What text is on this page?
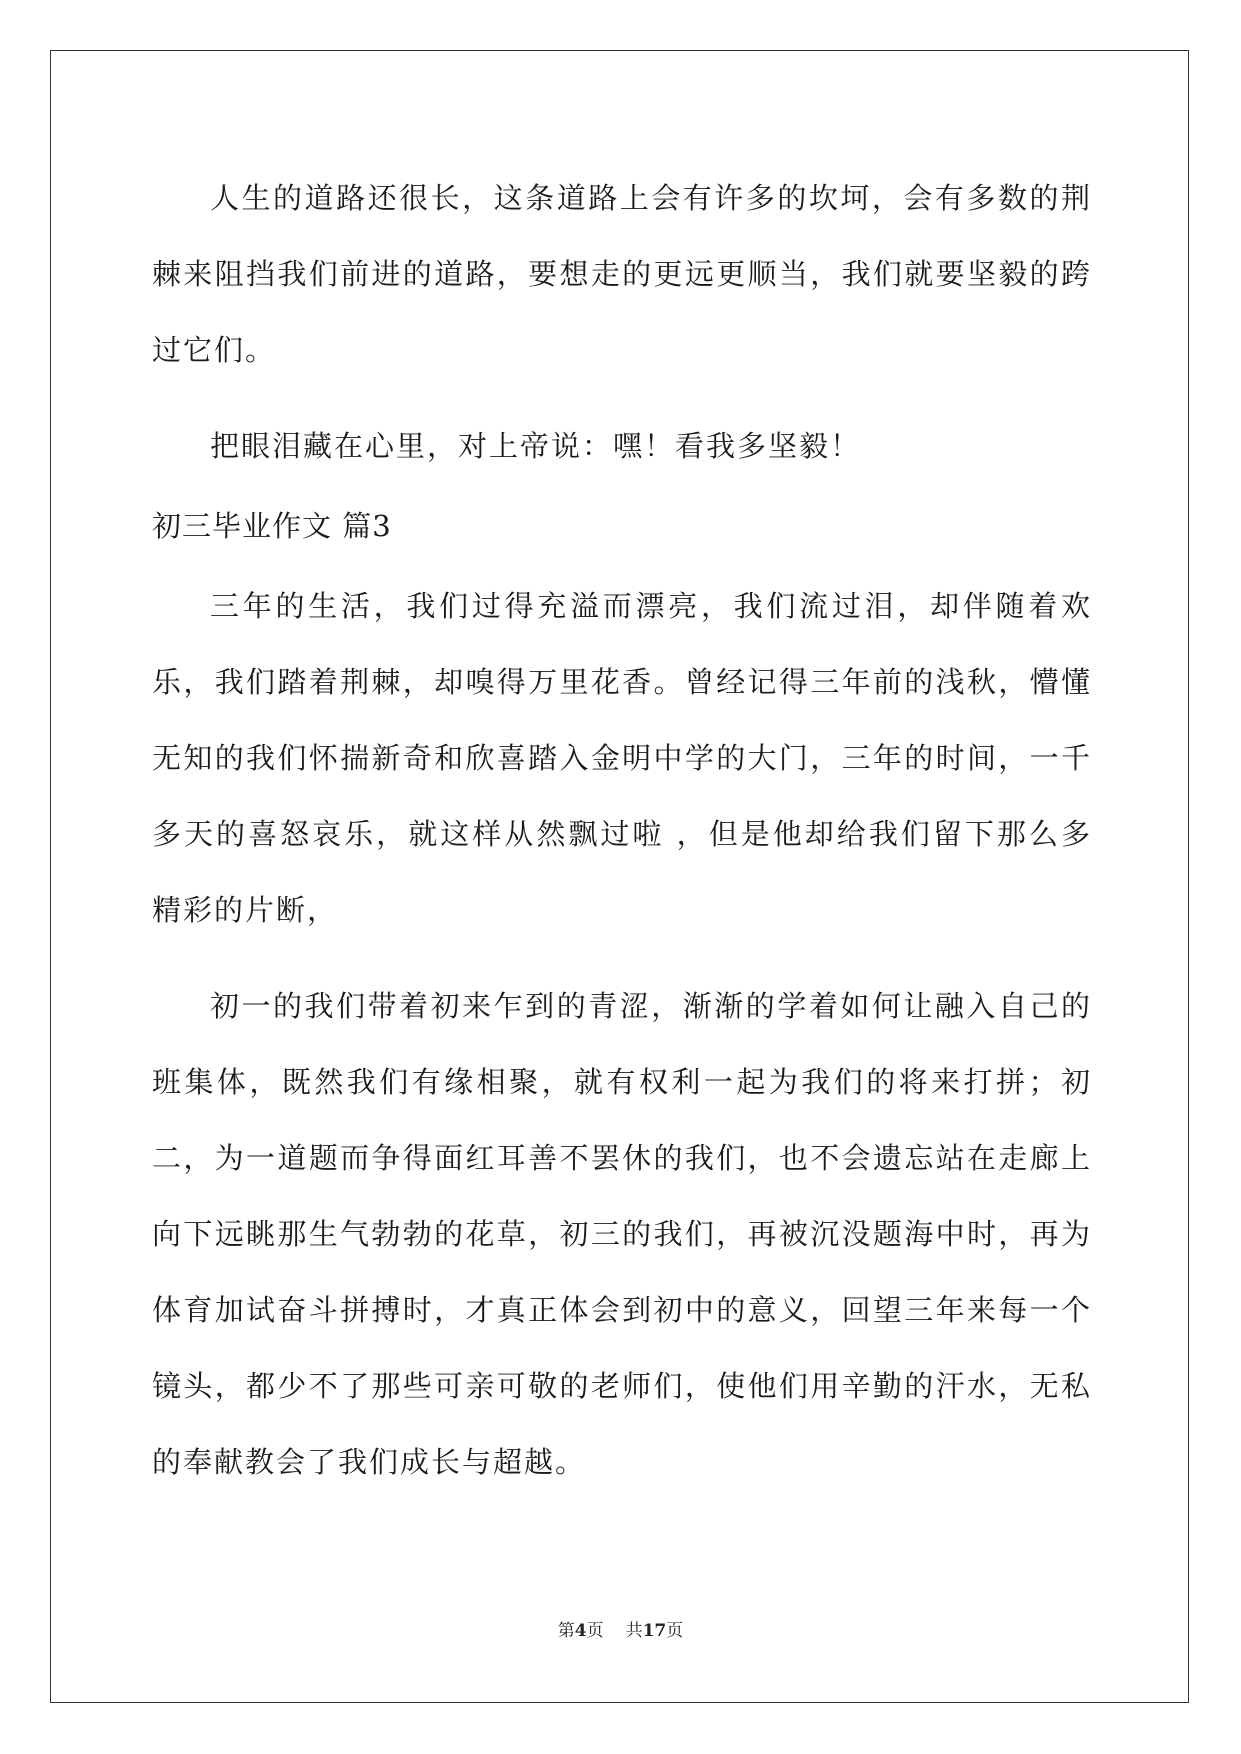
人生的道路还很长，这条道路上会有许多的坎坷，会有多数的荆棘来阻挡我们前进的道路，要想走的更远更顺当，我们就要坚毅的跨过它们。

把眼泪藏在心里，对上帝说：嘿！看我多坚毅！

初三毕业作文 篇3

三年的生活，我们过得充溢而漂亮，我们流过泪，却伴随着欢乐，我们踏着荆棘，却嗅得万里花香。曾经记得三年前的浅秋，懵懂无知的我们怀揣新奇和欣喜踏入金明中学的大门，三年的时间，一千多天的喜怒哀乐，就这样从然飘过啦 ，但是他却给我们留下那么多精彩的片断，

初一的我们带着初来乍到的青涩，渐渐的学着如何让融入自己的班集体，既然我们有缘相聚，就有权利一起为我们的将来打拼；初二，为一道题而争得面红耳善不罢休的我们，也不会遗忘站在走廊上向下远眺那生气勃勃的花草，初三的我们，再被沉没题海中时，再为体育加试奋斗拼搏时，才真正体会到初中的意义，回望三年来每一个镜头，都少不了那些可亲可敬的老师们，使他们用辛勤的汗水，无私的奉献教会了我们成长与超越。

第4页 共17页
